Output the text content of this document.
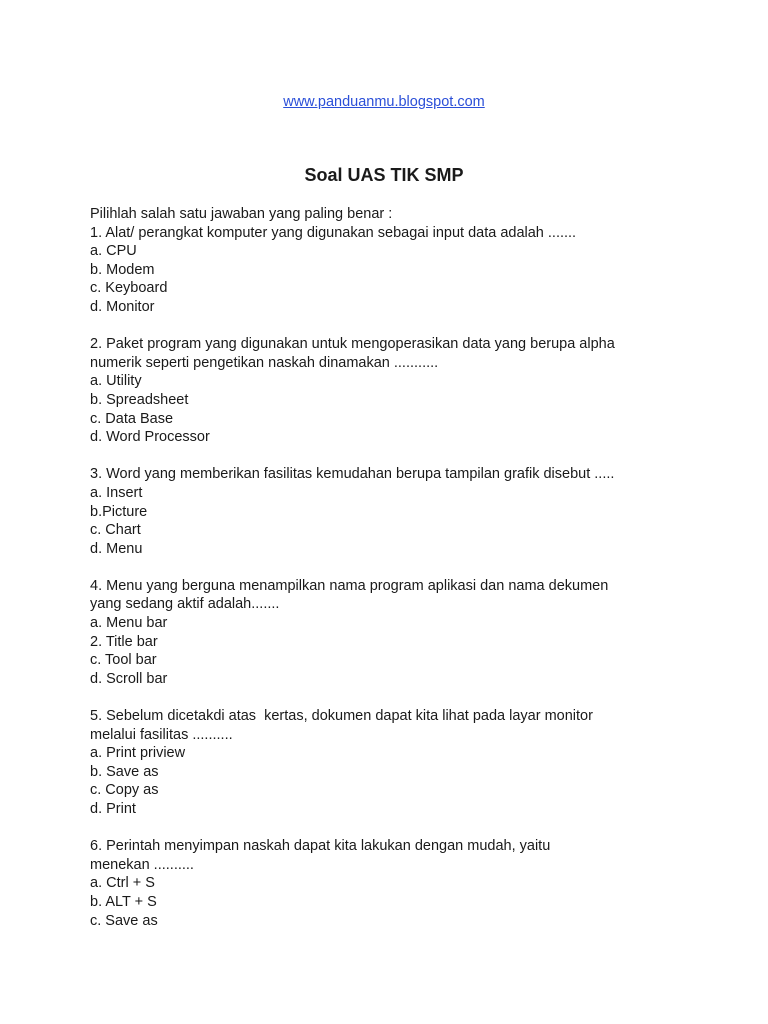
www.panduanmu.blogspot.com
Soal UAS TIK SMP
Pilihlah salah satu jawaban yang paling benar :
1. Alat/ perangkat komputer yang digunakan sebagai input data adalah .......
a. CPU
b. Modem
c. Keyboard
d. Monitor
2. Paket program yang digunakan untuk mengoperasikan data yang berupa alpha
numerik seperti pengetikan naskah dinamakan ...........
a. Utility
b. Spreadsheet
c. Data Base
d. Word Processor
3. Word yang memberikan fasilitas kemudahan berupa tampilan grafik disebut .....
a. Insert
b.Picture
c. Chart
d. Menu
4. Menu yang berguna menampilkan nama program aplikasi dan nama dekumen
yang sedang aktif adalah.......
a. Menu bar
2. Title bar
c. Tool bar
d. Scroll bar
5. Sebelum dicetakdi atas  kertas, dokumen dapat kita lihat pada layar monitor
melalui fasilitas ..........
a. Print priview
b. Save as
c. Copy as
d. Print
6. Perintah menyimpan naskah dapat kita lakukan dengan mudah, yaitu
menekan ..........
a. Ctrl + S
b. ALT + S
c. Save as
